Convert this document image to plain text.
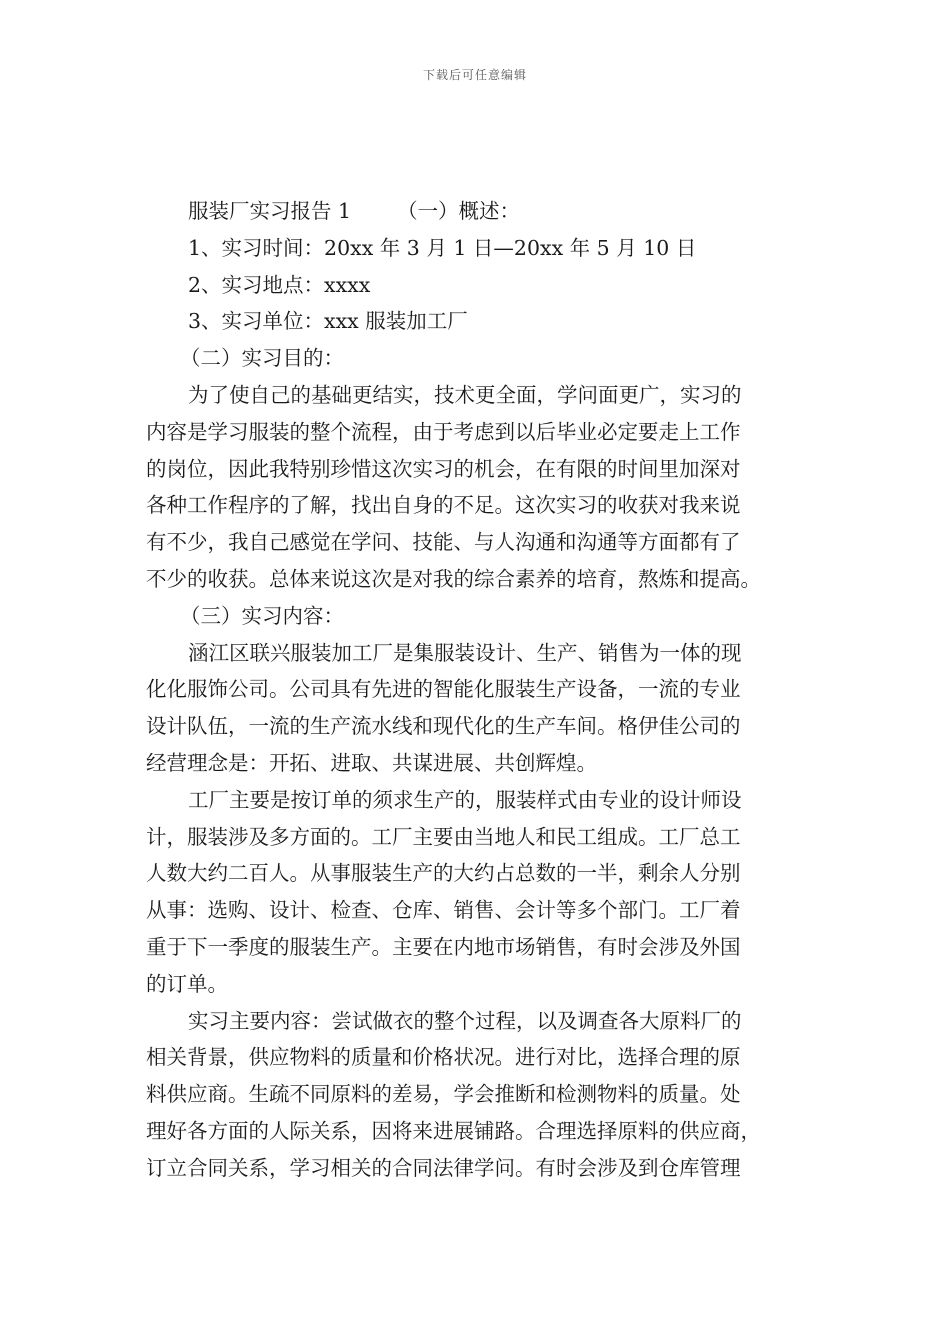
下载后可任意编辑
服装厂实习报告 1 （一）概述：
1、实习时间：20xx 年 3 月 1 日—20xx 年 5 月 10 日
2、实习地点：xxxx
3、实习单位：xxx 服装加工厂
（二）实习目的：
为了使自己的基础更结实，技术更全面，学问面更广，实习的
内容是学习服装的整个流程，由于考虑到以后毕业必定要走上工作
的岗位，因此我特别珍惜这次实习的机会，在有限的时间里加深对
各种工作程序的了解，找出自身的不足。这次实习的收获对我来说
有不少，我自己感觉在学问、技能、与人沟通和沟通等方面都有了
不少的收获。总体来说这次是对我的综合素养的培育，熬炼和提高。
（三）实习内容：
涵江区联兴服装加工厂是集服装设计、生产、销售为一体的现
化化服饰公司。公司具有先进的智能化服装生产设备，一流的专业
设计队伍，一流的生产流水线和现代化的生产车间。格伊佳公司的
经营理念是：开拓、进取、共谋进展、共创辉煌。
工厂主要是按订单的须求生产的，服装样式由专业的设计师设
计，服装涉及多方面的。工厂主要由当地人和民工组成。工厂总工
人数大约二百人。从事服装生产的大约占总数的一半，剩余人分别
从事：选购、设计、检查、仓库、销售、会计等多个部门。工厂着
重于下一季度的服装生产。主要在内地市场销售，有时会涉及外国
的订单。
实习主要内容：尝试做衣的整个过程，以及调查各大原料厂的
相关背景，供应物料的质量和价格状况。进行对比，选择合理的原
料供应商。生疏不同原料的差易，学会推断和检测物料的质量。处
理好各方面的人际关系，因将来进展铺路。合理选择原料的供应商，
订立合同关系，学习相关的合同法律学问。有时会涉及到仓库管理
